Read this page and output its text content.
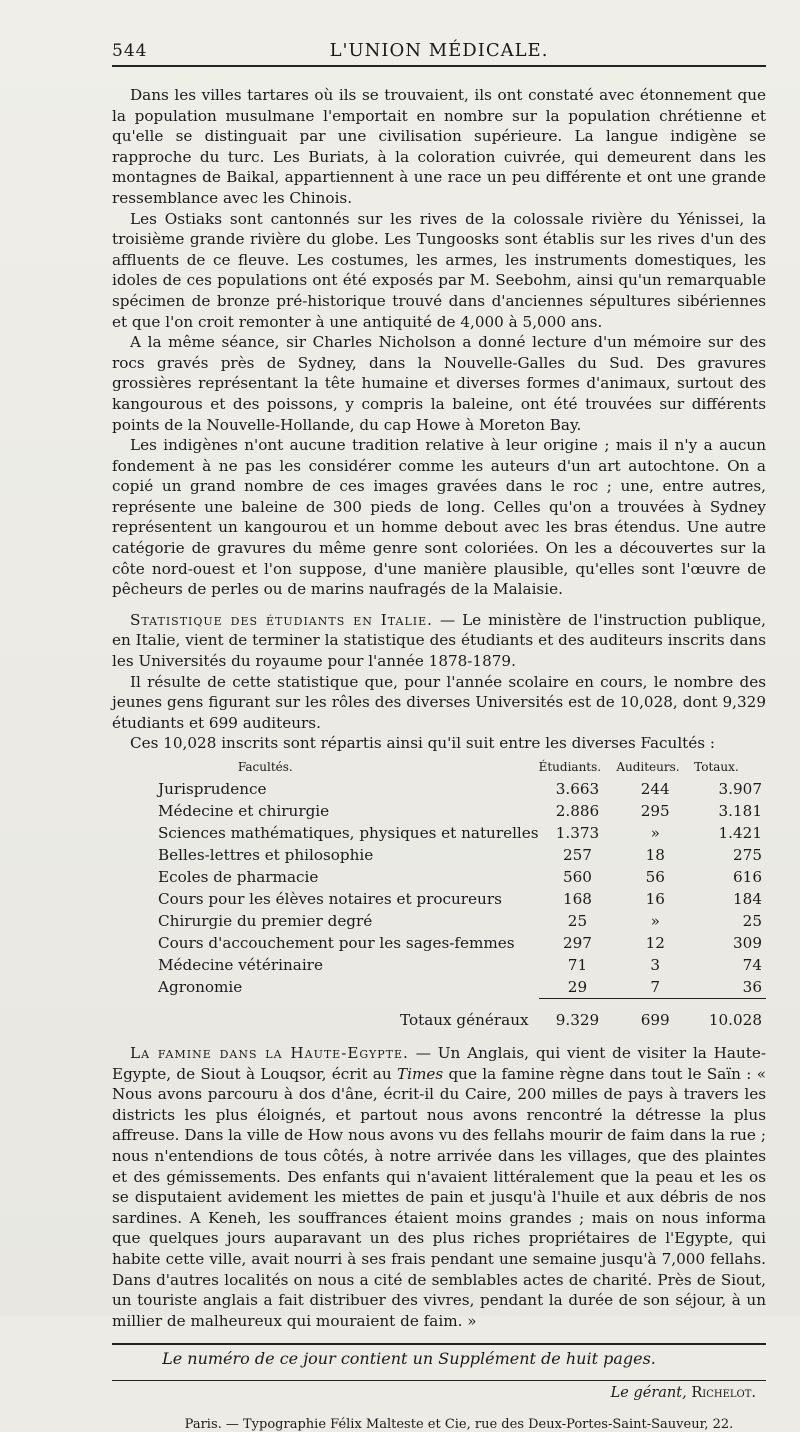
544	L'UNION MÉDICALE.

Dans les villes tartares où ils se trouvaient, ils ont constaté avec étonnement que la population musulmane l'emportait en nombre sur la population chrétienne et qu'elle se distinguait par une civilisation supérieure. La langue indigène se rapproche du turc. Les Buriats, à la coloration cuivrée, qui demeurent dans les montagnes de Baikal, appartiennent à une race un peu différente et ont une grande ressemblance avec les Chinois.

Les Ostiaks sont cantonnés sur les rives de la colossale rivière du Yénissei, la troisième grande rivière du globe. Les Tungoosks sont établis sur les rives d'un des affluents de ce fleuve. Les costumes, les armes, les instruments domestiques, les idoles de ces populations ont été exposés par M. Seebohm, ainsi qu'un remarquable spécimen de bronze pré-historique trouvé dans d'anciennes sépultures sibériennes et que l'on croit remonter à une antiquité de 4,000 à 5,000 ans.

A la même séance, sir Charles Nicholson a donné lecture d'un mémoire sur des rocs gravés près de Sydney, dans la Nouvelle-Galles du Sud. Des gravures grossières représentant la tête humaine et diverses formes d'animaux, surtout des kangourous et des poissons, y compris la baleine, ont été trouvées sur différents points de la Nouvelle-Hollande, du cap Howe à Moreton Bay.

Les indigènes n'ont aucune tradition relative à leur origine ; mais il n'y a aucun fondement à ne pas les considérer comme les auteurs d'un art autochtone. On a copié un grand nombre de ces images gravées dans le roc ; une, entre autres, représente une baleine de 300 pieds de long. Celles qu'on a trouvées à Sydney représentent un kangourou et un homme debout avec les bras étendus. Une autre catégorie de gravures du même genre sont coloriées. On les a découvertes sur la côte nord-ouest et l'on suppose, d'une manière plausible, qu'elles sont l'œuvre de pêcheurs de perles ou de marins naufragés de la Malaisie.

Statistique des étudiants en Italie. — Le ministère de l'instruction publique, en Italie, vient de terminer la statistique des étudiants et des auditeurs inscrits dans les Universités du royaume pour l'année 1878-1879.

Il résulte de cette statistique que, pour l'année scolaire en cours, le nombre des jeunes gens figurant sur les rôles des diverses Universités est de 10,028, dont 9,329 étudiants et 699 auditeurs.

Ces 10,028 inscrits sont répartis ainsi qu'il suit entre les diverses Facultés :

Facultés.	Étudiants.	Auditeurs.	Totaux.
Jurisprudence	3.663	244	3.907
Médecine et chirurgie	2.886	295	3.181
Sciences mathématiques, physiques et naturelles	1.373	»	1.421
Belles-lettres et philosophie	257	18	275
Ecoles de pharmacie	560	56	616
Cours pour les élèves notaires et procureurs	168	16	184
Chirurgie du premier degré	25	»	25
Cours d'accouchement pour les sages-femmes	297	12	309
Médecine vétérinaire	71	3	74
Agronomie	29	7	36
Totaux généraux	9.329	699	10.028

La famine dans la Haute-Egypte. — Un Anglais, qui vient de visiter la Haute-Egypte, de Siout à Louqsor, écrit au Times que la famine règne dans tout le Saïn : « Nous avons parcouru à dos d'âne, écrit-il du Caire, 200 milles de pays à travers les districts les plus éloignés, et partout nous avons rencontré la détresse la plus affreuse. Dans la ville de How nous avons vu des fellahs mourir de faim dans la rue ; nous n'entendions de tous côtés, à notre arrivée dans les villages, que des plaintes et des gémissements. Des enfants qui n'avaient littéralement que la peau et les os se disputaient avidement les miettes de pain et jusqu'à l'huile et aux débris de nos sardines. A Keneh, les souffrances étaient moins grandes ; mais on nous informa que quelques jours auparavant un des plus riches propriétaires de l'Egypte, qui habite cette ville, avait nourri à ses frais pendant une semaine jusqu'à 7,000 fellahs. Dans d'autres localités on nous a cité de semblables actes de charité. Près de Siout, un touriste anglais a fait distribuer des vivres, pendant la durée de son séjour, à un millier de malheureux qui mouraient de faim. »

Le numéro de ce jour contient un Supplément de huit pages.
Le gérant, Richelot.
Paris. — Typographie Félix Malteste et Cie, rue des Deux-Portes-Saint-Sauveur, 22.
